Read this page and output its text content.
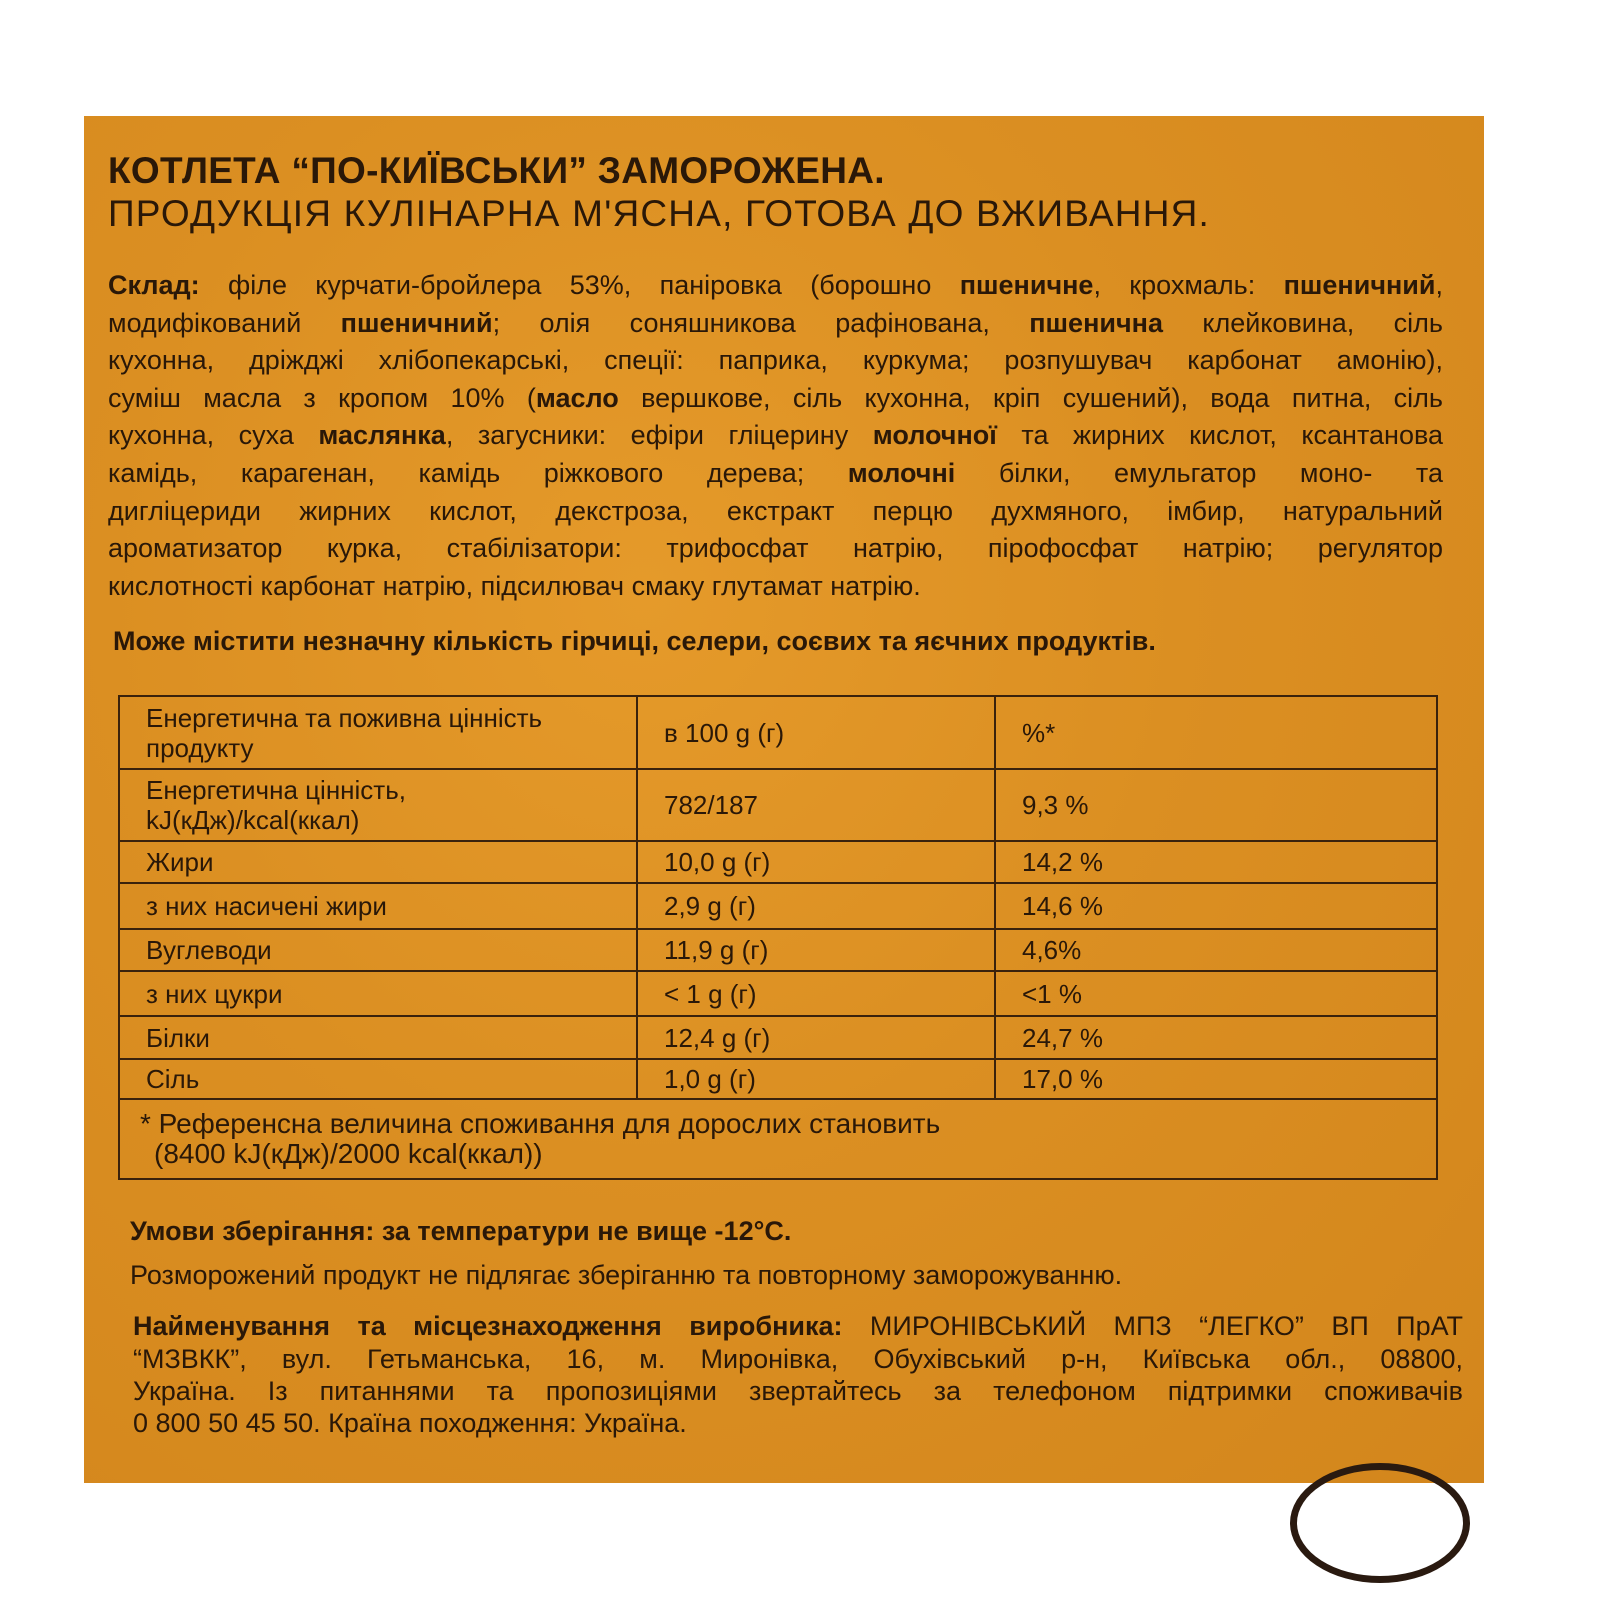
КОТЛЕТА “ПО-КИЇВСЬКИ” ЗАМОРОЖЕНА.
ПРОДУКЦІЯ КУЛІНАРНА М'ЯСНА, ГОТОВА ДО ВЖИВАННЯ.
Склад: філе курчати-бройлера 53%, паніровка (борошно пшеничне, крохмаль: пшеничний,
модифікований пшеничний; олія соняшникова рафінована, пшенична клейковина, сіль
кухонна, дріжджі хлібопекарські, спеції: паприка, куркума; розпушувач карбонат амонію),
суміш масла з кропом 10% (масло вершкове, сіль кухонна, кріп сушений), вода питна, сіль
кухонна, суха маслянка, загусники: ефіри гліцерину молочної та жирних кислот, ксантанова
камідь, карагенан, камідь ріжкового дерева; молочні білки, емульгатор моно- та
дигліцериди жирних кислот, декстроза, екстракт перцю духмяного, імбир, натуральний
ароматизатор курка, стабілізатори: трифосфат натрію, пірофосфат натрію; регулятор
кислотності карбонат натрію, підсилювач смаку глутамат натрію.
Може містити незначну кількість гірчиці, селери, соєвих та яєчних продуктів.
Енергетична та поживна цінність продукту	в 100 g (г)	%*
Енергетична цінність, kJ(кДж)/kcal(ккал)	782/187	9,3 %
Жири	10,0 g (г)	14,2 %
з них насичені жири	2,9 g (г)	14,6 %
Вуглеводи	11,9 g (г)	4,6%
з них цукри	< 1 g (г)	<1 %
Білки	12,4 g (г)	24,7 %
Сіль	1,0 g (г)	17,0 %

* Референсна величина споживання для дорослих становить
(8400 kJ(кДж)/2000 kcal(ккал))		
Умови зберігання: за температури не вище -12°С.
Розморожений продукт не підлягає зберіганню та повторному заморожуванню.
Найменування та місцезнаходження виробника: МИРОНІВСЬКИЙ МПЗ “ЛЕГКО” ВП ПрАТ
“МЗВКК”, вул. Гетьманська, 16, м. Миронівка, Обухівський р-н, Київська обл., 08800,
Україна. Із питаннями та пропозиціями звертайтесь за телефоном підтримки споживачів
0 800 50 45 50. Країна походження: Україна.
